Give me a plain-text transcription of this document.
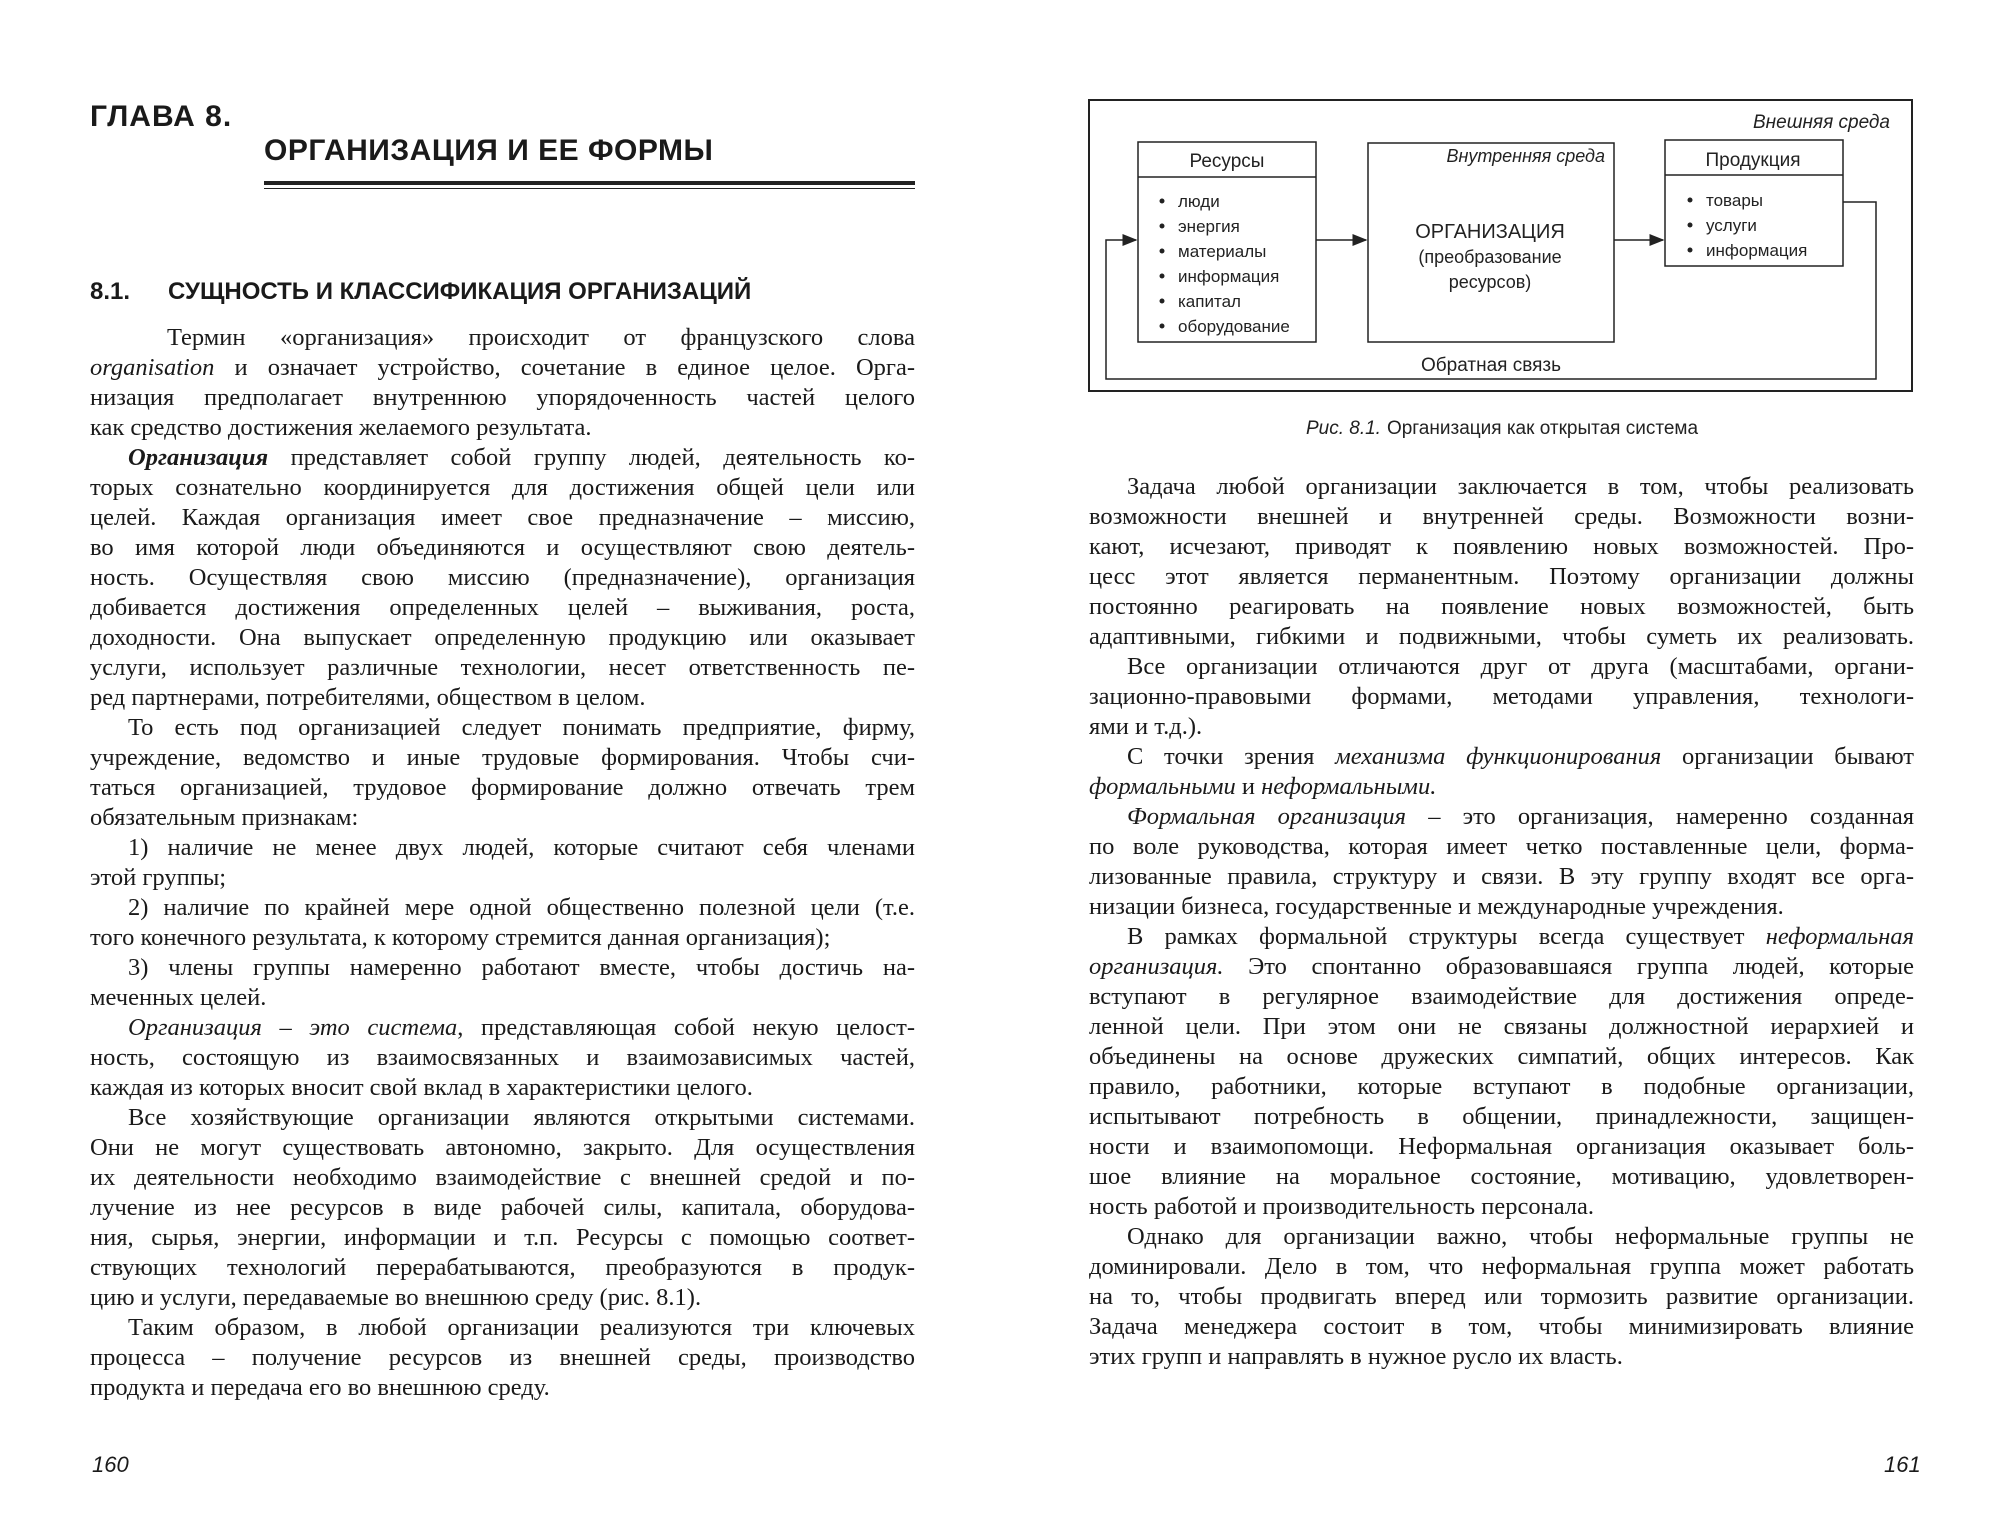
ГЛАВА 8.
ОРГАНИЗАЦИЯ И ЕЕ ФОРМЫ
8.1. СУЩНОСТЬ И КЛАССИФИКАЦИЯ ОРГАНИЗАЦИЙ
Термин «организация» происходит от французского слова
organisation и означает устройство, сочетание в единое целое. Орга-
низация предполагает внутреннюю упорядоченность частей целого
как средство достижения желаемого результата.
Организация представляет собой группу людей, деятельность ко-
торых сознательно координируется для достижения общей цели или
целей. Каждая организация имеет свое предназначение – миссию,
во имя которой люди объединяются и осуществляют свою деятель-
ность. Осуществляя свою миссию (предназначение), организация
добивается достижения определенных целей – выживания, роста,
доходности. Она выпускает определенную продукцию или оказывает
услуги, использует различные технологии, несет ответственность пе-
ред партнерами, потребителями, обществом в целом.
То есть под организацией следует понимать предприятие, фирму,
учреждение, ведомство и иные трудовые формирования. Чтобы счи-
таться организацией, трудовое формирование должно отвечать трем
обязательным признакам:
1) наличие не менее двух людей, которые считают себя членами
этой группы;
2) наличие по крайней мере одной общественно полезной цели (т.е.
того конечного результата, к которому стремится данная организация);
3) члены группы намеренно работают вместе, чтобы достичь на-
меченных целей.
Организация – это система, представляющая собой некую целост-
ность, состоящую из взаимосвязанных и взаимозависимых частей,
каждая из которых вносит свой вклад в характеристики целого.
Все хозяйствующие организации являются открытыми системами.
Они не могут существовать автономно, закрыто. Для осуществления
их деятельности необходимо взаимодействие с внешней средой и по-
лучение из нее ресурсов в виде рабочей силы, капитала, оборудова-
ния, сырья, энергии, информации и т.п. Ресурсы с помощью соответ-
ствующих технологий перерабатываются, преобразуются в продук-
цию и услуги, передаваемые во внешнюю среду (рис. 8.1).
Таким образом, в любой организации реализуются три ключевых
процесса – получение ресурсов из внешней среды, производство
продукта и передача его во внешнюю среду.
Задача любой организации заключается в том, чтобы реализовать
возможности внешней и внутренней среды. Возможности возни-
кают, исчезают, приводят к появлению новых возможностей. Про-
цесс этот является перманентным. Поэтому организации должны
постоянно реагировать на появление новых возможностей, быть
адаптивными, гибкими и подвижными, чтобы суметь их реализовать.
Все организации отличаются друг от друга (масштабами, органи-
зационно-правовыми формами, методами управления, технологи-
ями и т.д.).
С точки зрения механизма функционирования организации бывают
формальными и неформальными.
Формальная организация – это организация, намеренно созданная
по воле руководства, которая имеет четко поставленные цели, форма-
лизованные правила, структуру и связи. В эту группу входят все орга-
низации бизнеса, государственные и международные учреждения.
В рамках формальной структуры всегда существует неформальная
организация. Это спонтанно образовавшаяся группа людей, которые
вступают в регулярное взаимодействие для достижения опреде-
ленной цели. При этом они не связаны должностной иерархией и
объединены на основе дружеских симпатий, общих интересов. Как
правило, работники, которые вступают в подобные организации,
испытывают потребность в общении, принадлежности, защищен-
ности и взаимопомощи. Неформальная организация оказывает боль-
шое влияние на моральное состояние, мотивацию, удовлетворен-
ность работой и производительность персонала.
Однако для организации важно, чтобы неформальные группы не
доминировали. Дело в том, что неформальная группа может работать
на то, чтобы продвигать вперед или тормозить развитие организации.
Задача менеджера состоит в том, чтобы минимизировать влияние
этих групп и направлять в нужное русло их власть.
Внешняя среда
Ресурсы
люди
энергия
материалы
информация
капитал
оборудование
Внутренняя среда
ОРГАНИЗАЦИЯ
(преобразование
ресурсов)
Продукция
товары
услуги
информация
Обратная связь
Рис. 8.1. Организация как открытая система
160	161
